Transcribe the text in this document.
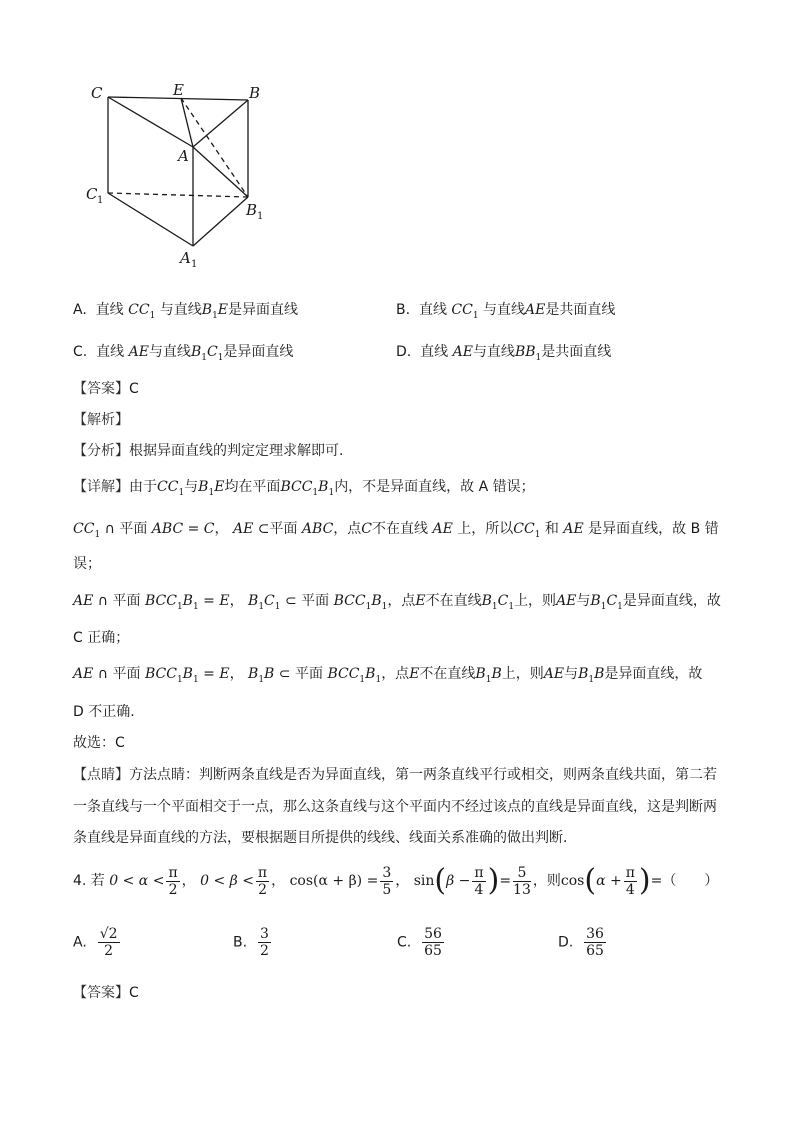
C	E	B
A
C 1
B 1
A 1
A. 直线 $CC_1$ 与直线$B_1E$是异面直线	B. 直线 $CC_1$ 与直线AE是共面直线
C. 直线 AE与直线$B_1C_1$是异面直线	D. 直线 AE与直线$BB_1$是共面直线
【答案】C
【解析】
【分析】根据异面直线的判定定理求解即可.
【详解】由于$CC_1$与$B_1E$均在平面$BCC_1B_1$内，不是异面直线，故 A 错误；
$CC_1$ ∩ 平面 ABC = C， AE ⊂平面 ABC，点C不在直线 AE 上，所以$CC_1$ 和 AE 是异面直线，故 B 错
误；
AE ∩ 平面 $BCC_1B_1 = E$， $B_1C_1$ ⊂ 平面 $BCC_1B_1$，点E不在直线$B_1C_1$上，则AE与$B_1C_1$是异面直线，故
C 正确；
AE ∩ 平面 $BCC_1B_1 = E$， $B_1B$ ⊂ 平面 $BCC_1B_1$，点E不在直线$B_1B$上，则AE与$B_1B$是异面直线，故
D 不正确.
故选：C
【点睛】方法点睛：判断两条直线是否为异面直线，第一两条直线平行或相交，则两条直线共面，第二若
一条直线与一个平面相交于一点，那么这条直线与这个平面内不经过该点的直线是异面直线，这是判断两
条直线是异面直线的方法，要根据题目所提供的线线、线面关系准确的做出判断.
4. 若 $0 < \alpha < \frac{\pi}{2}$ ， $0 < \beta < \frac{\pi}{2}$ ， $\cos(\alpha + \beta) = \frac{3}{5}$ ， $\sin(\beta - \frac{\pi}{4}$ )= $\frac{5}{13}$ ，则$\cos(\alpha + \frac{\pi}{4}$ )=（　　）
A. $\frac{√2}{2}$	B. $\frac{3}{2}$	C. $\frac{56}{65}$	D. $\frac{36}{65}$
【答案】C
